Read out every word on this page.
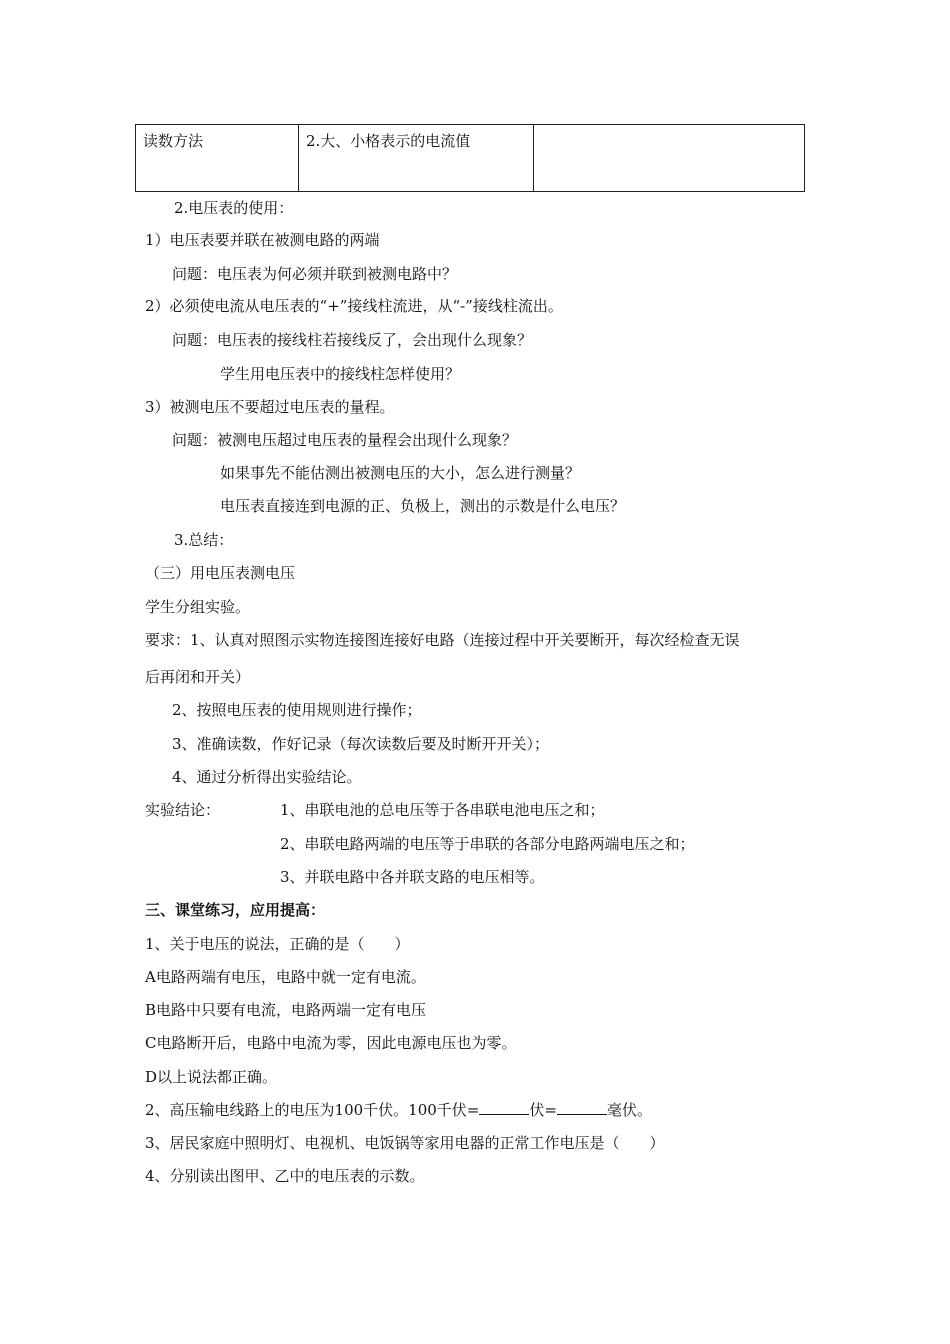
读数方法	2.大、小格表示的电流值	
2.电压表的使用：
1）电压表要并联在被测电路的两端
问题：电压表为何必须并联到被测电路中？
2）必须使电流从电压表的“+”接线柱流进，从“-”接线柱流出。
问题：电压表的接线柱若接线反了，会出现什么现象？
学生用电压表中的接线柱怎样使用？
3）被测电压不要超过电压表的量程。
问题：被测电压超过电压表的量程会出现什么现象？
如果事先不能估测出被测电压的大小，怎么进行测量？
电压表直接连到电源的正、负极上，测出的示数是什么电压？
3.总结：
（三）用电压表测电压
学生分组实验。
要求：1、认真对照图示实物连接图连接好电路（连接过程中开关要断开，每次经检查无误
后再闭和开关）
2、按照电压表的使用规则进行操作；
3、准确读数，作好记录（每次读数后要及时断开开关）；
4、通过分析得出实验结论。
实验结论：	1、串联电池的总电压等于各串联电池电压之和；
2、串联电路两端的电压等于串联的各部分电路两端电压之和；
3、并联电路中各并联支路的电压相等。
三、课堂练习，应用提高：
1、关于电压的说法，正确的是（　　）
A电路两端有电压，电路中就一定有电流。
B电路中只要有电流，电路两端一定有电压
C电路断开后，电路中电流为零，因此电源电压也为零。
D以上说法都正确。
2、高压输电线路上的电压为100千伏。100千伏=	伏=	毫伏。
3、居民家庭中照明灯、电视机、电饭锅等家用电器的正常工作电压是（　　）
4、分别读出图甲、乙中的电压表的示数。
